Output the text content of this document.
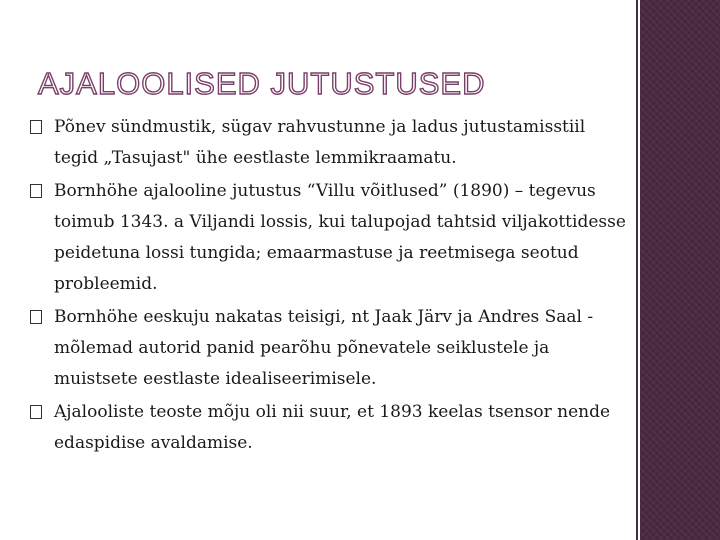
AJALOOLISED JUTUSTUSED
Põnev sündmustik, sügav rahvustunne ja ladus jutustamisstiil tegid „Tasujast" ühe eestlaste lemmikraamatu.
Bornhöhe ajalooline jutustus “Villu võitlused” (1890) – tegevus toimub 1343. a Viljandi lossis, kui talupojad tahtsid viljakottidesse peidetuna lossi tungida; emaarmastuse ja reetmisega seotud probleemid.
Bornhöhe eeskuju nakatas teisigi, nt Jaak Järv ja Andres Saal - mõlemad autorid panid pearõhu põnevatele seiklustele ja muistsete eestlaste idealiseerimisele.
Ajalooliste teoste mõju oli nii suur, et 1893 keelas tsensor nende edaspidise avaldamise.
